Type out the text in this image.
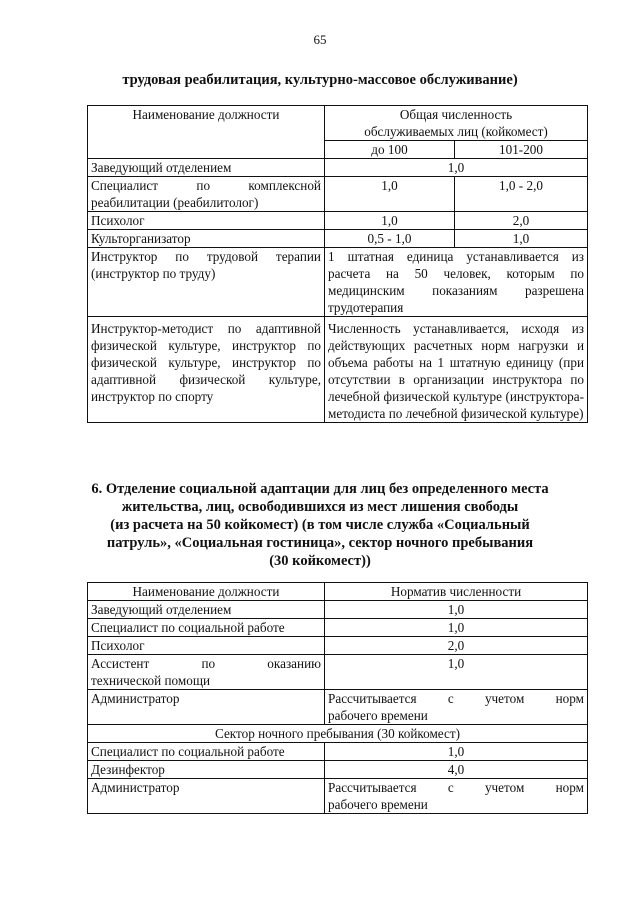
65
трудовая реабилитация, культурно-массовое обслуживание)
Наименование должности	Общая численность
обслуживаемых лиц (койкомест)	

	до 100	101-200
Заведующий отделением	1,0	

Специалист по комплексной
реабилитации (реабилитолог)	1,0	1,0 - 2,0
Психолог	1,0	2,0
Культорганизатор	0,5 - 1,0	1,0

Инструктор по трудовой терапии
(инструктор по труду)	1 штатная единица устанавливается из расчета на 50 человек, которым по медицинским показаниям разрешена трудотерапия	
Инструктор-методист по адаптивной физической культуре, инструктор по физической культуре, инструктор по адаптивной физической культуре, инструктор по спорту	Численность устанавливается, исходя из действующих расчетных норм нагрузки и объема работы на 1 штатную единицу (при отсутствии в организации инструктора по лечебной физической культуре (инструктора-методиста по лечебной физической культуре)	
6. Отделение социальной адаптации для лиц без определенного места
жительства, лиц, освободившихся из мест лишения свободы
(из расчета на 50 койкомест) (в том числе служба «Социальный
патруль», «Социальная гостиница», сектор ночного пребывания
(30 койкомест))
Наименование должности	Норматив численности
Заведующий отделением	1,0
Специалист по социальной работе	1,0
Психолог	2,0

Ассистент по оказанию
технической помощи	1,0
Администратор	Рассчитывается с учетом норм
рабочего времени

Сектор ночного пребывания (30 койкомест)	
Специалист по социальной работе	1,0
Дезинфектор	4,0
Администратор	Рассчитывается с учетом норм
рабочего времени
